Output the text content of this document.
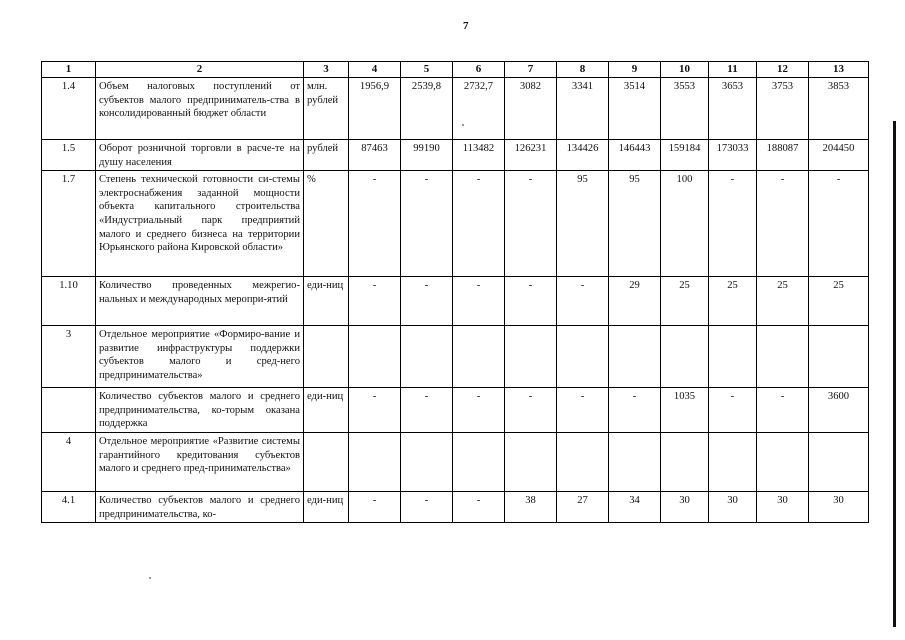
7
1	2	3	4	5	6	7	8	9	10	11	12	13
1.4	Объем налоговых поступлений от субъектов малого предприниматель-ства в консолидированный бюджет области	млн. рублей	1956,9	2539,8	2732,7	3082	3341	3514	3553	3653	3753	3853
1.5	Оборот розничной торговли в расче-те на душу населения	рублей	87463	99190	113482	126231	134426	146443	159184	173033	188087	204450
1.7	Степень технической готовности си-стемы электроснабжения заданной мощности объекта капитального строительства «Индустриальный парк предприятий малого и среднего бизнеса на территории Юрьянского района Кировской области»	%	-	-	-	-	95	95	100	-	-	-
1.10	Количество проведенных межрегио-нальных и международных меропри-ятий	еди-ниц	-	-	-	-	-	29	25	25	25	25
3	Отдельное мероприятие «Формиро-вание и развитие инфраструктуры поддержки субъектов малого и сред-него предпринимательства»											
	Количество субъектов малого и среднего предпринимательства, ко-торым оказана поддержка	еди-ниц	-	-	-	-	-	-	1035	-	-	3600
4	Отдельное мероприятие «Развитие системы гарантийного кредитования субъектов малого и среднего пред-принимательства»											
4.1	Количество субъектов малого и среднего предпринимательства, ко-	еди-ниц	-	-	-	38	27	34	30	30	30	30
